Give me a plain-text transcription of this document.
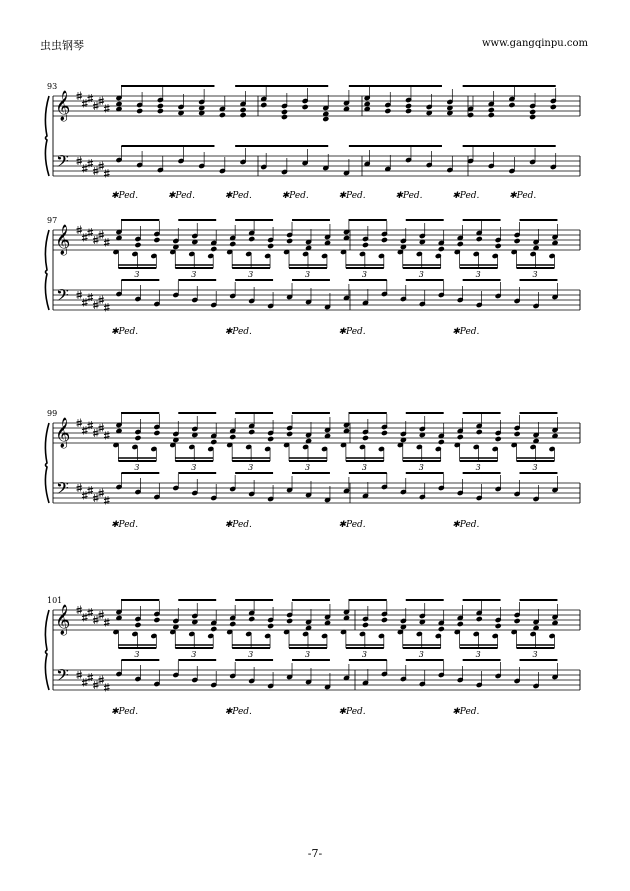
虫虫钢琴	www.gangqinpu.com
93
𝄞
𝄢
✱Ped.	✱Ped.	✱Ped.	✱Ped.	✱Ped.	✱Ped.	✱Ped.	✱Ped.
97
𝄞
𝄢
3	3	3	3	3	3	3	3
✱Ped.	✱Ped.	✱Ped.	✱Ped.
99
𝄞
𝄢
3	3	3	3	3	3	3	3
✱Ped.	✱Ped.	✱Ped.	✱Ped.
101
𝄞
𝄢
3	3	3	3	3	3	3	3
✱Ped.	✱Ped.	✱Ped.	✱Ped.
-7-
